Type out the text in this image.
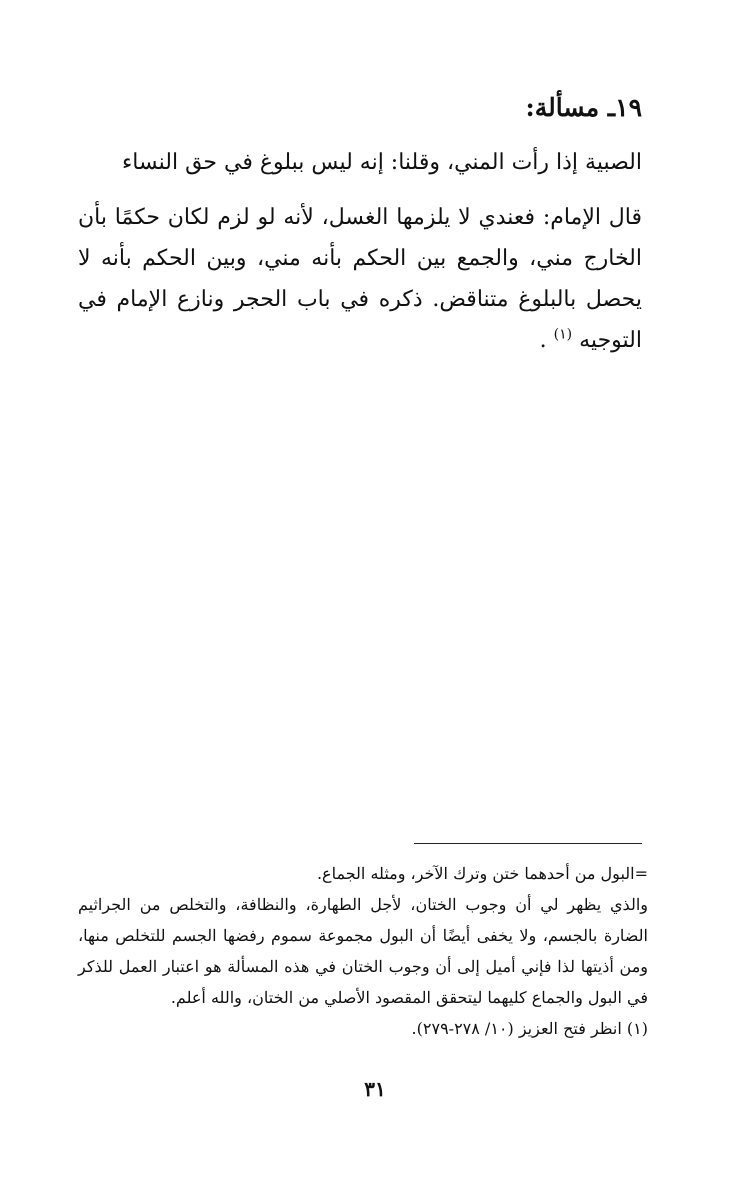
١٩ـ مسألة:

الصبية إذا رأت المني، وقلنا: إنه ليس ببلوغ في حق النساء

قال الإمام: فعندي لا يلزمها الغسل، لأنه لو لزم لكان حكمًا بأن الخارج مني، والجمع بين الحكم بأنه مني، وبين الحكم بأنه لا يحصل بالبلوغ متناقض. ذكره في باب الحجر ونازع الإمام في التوجيه $^{(١)}$ .

=البول من أحدهما ختن وترك الآخر، ومثله الجماع.

والذي يظهر لي أن وجوب الختان، لأجل الطهارة، والنظافة، والتخلص من الجراثيم الضارة بالجسم، ولا يخفى أيضًا أن البول مجموعة سموم رفضها الجسم للتخلص منها، ومن أذيتها لذا فإني أميل إلى أن وجوب الختان في هذه المسألة هو اعتبار العمل للذكر في البول والجماع كليهما ليتحقق المقصود الأصلي من الختان، والله أعلم.

(١) انظر فتح العزيز (١٠/ ٢٧٨-٢٧٩).

٣١
